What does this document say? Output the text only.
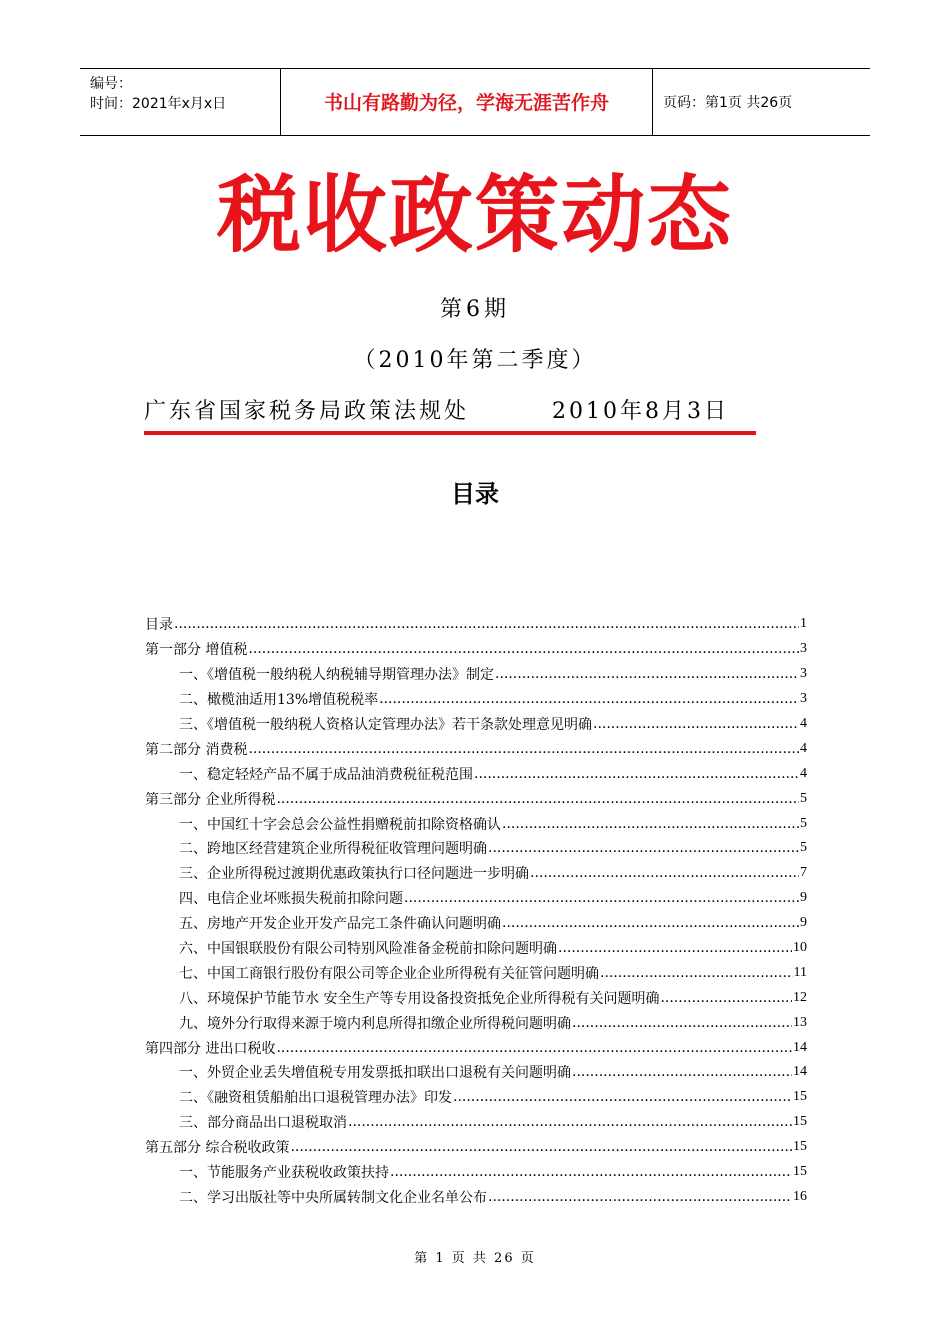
编号：
时间：2021年x月x日	书山有路勤为径，学海无涯苦作舟	页码：第1页 共26页
税收政策动态
第6期
（2010年第二季度）
广东省国家税务局政策法规处	2010年8月3日
目录
目录 .....	1
第一部分 增值税 .....	3
一、《增值税一般纳税人纳税辅导期管理办法》制定 .....	3
二、橄榄油适用13%增值税税率 .....	3
三、《增值税一般纳税人资格认定管理办法》若干条款处理意见明确 .....	4
第二部分 消费税 .....	4
一、稳定轻烃产品不属于成品油消费税征税范围 .....	4
第三部分 企业所得税 .....	5
一、中国红十字会总会公益性捐赠税前扣除资格确认 .....	5
二、跨地区经营建筑企业所得税征收管理问题明确 .....	5
三、企业所得税过渡期优惠政策执行口径问题进一步明确 .....	7
四、电信企业坏账损失税前扣除问题 .....	9
五、房地产开发企业开发产品完工条件确认问题明确 .....	9
六、中国银联股份有限公司特别风险准备金税前扣除问题明确 .....	10
七、中国工商银行股份有限公司等企业企业所得税有关征管问题明确 .....	11
八、环境保护节能节水 安全生产等专用设备投资抵免企业所得税有关问题明确 .....	12
九、境外分行取得来源于境内利息所得扣缴企业所得税问题明确 .....	13
第四部分 进出口税收 .....	14
一、外贸企业丢失增值税专用发票抵扣联出口退税有关问题明确 .....	14
二、《融资租赁船舶出口退税管理办法》印发 .....	15
三、部分商品出口退税取消 .....	15
第五部分 综合税收政策 .....	15
一、节能服务产业获税收政策扶持 .....	15
二、学习出版社等中央所属转制文化企业名单公布 .....	16
第 1 页 共 26 页
